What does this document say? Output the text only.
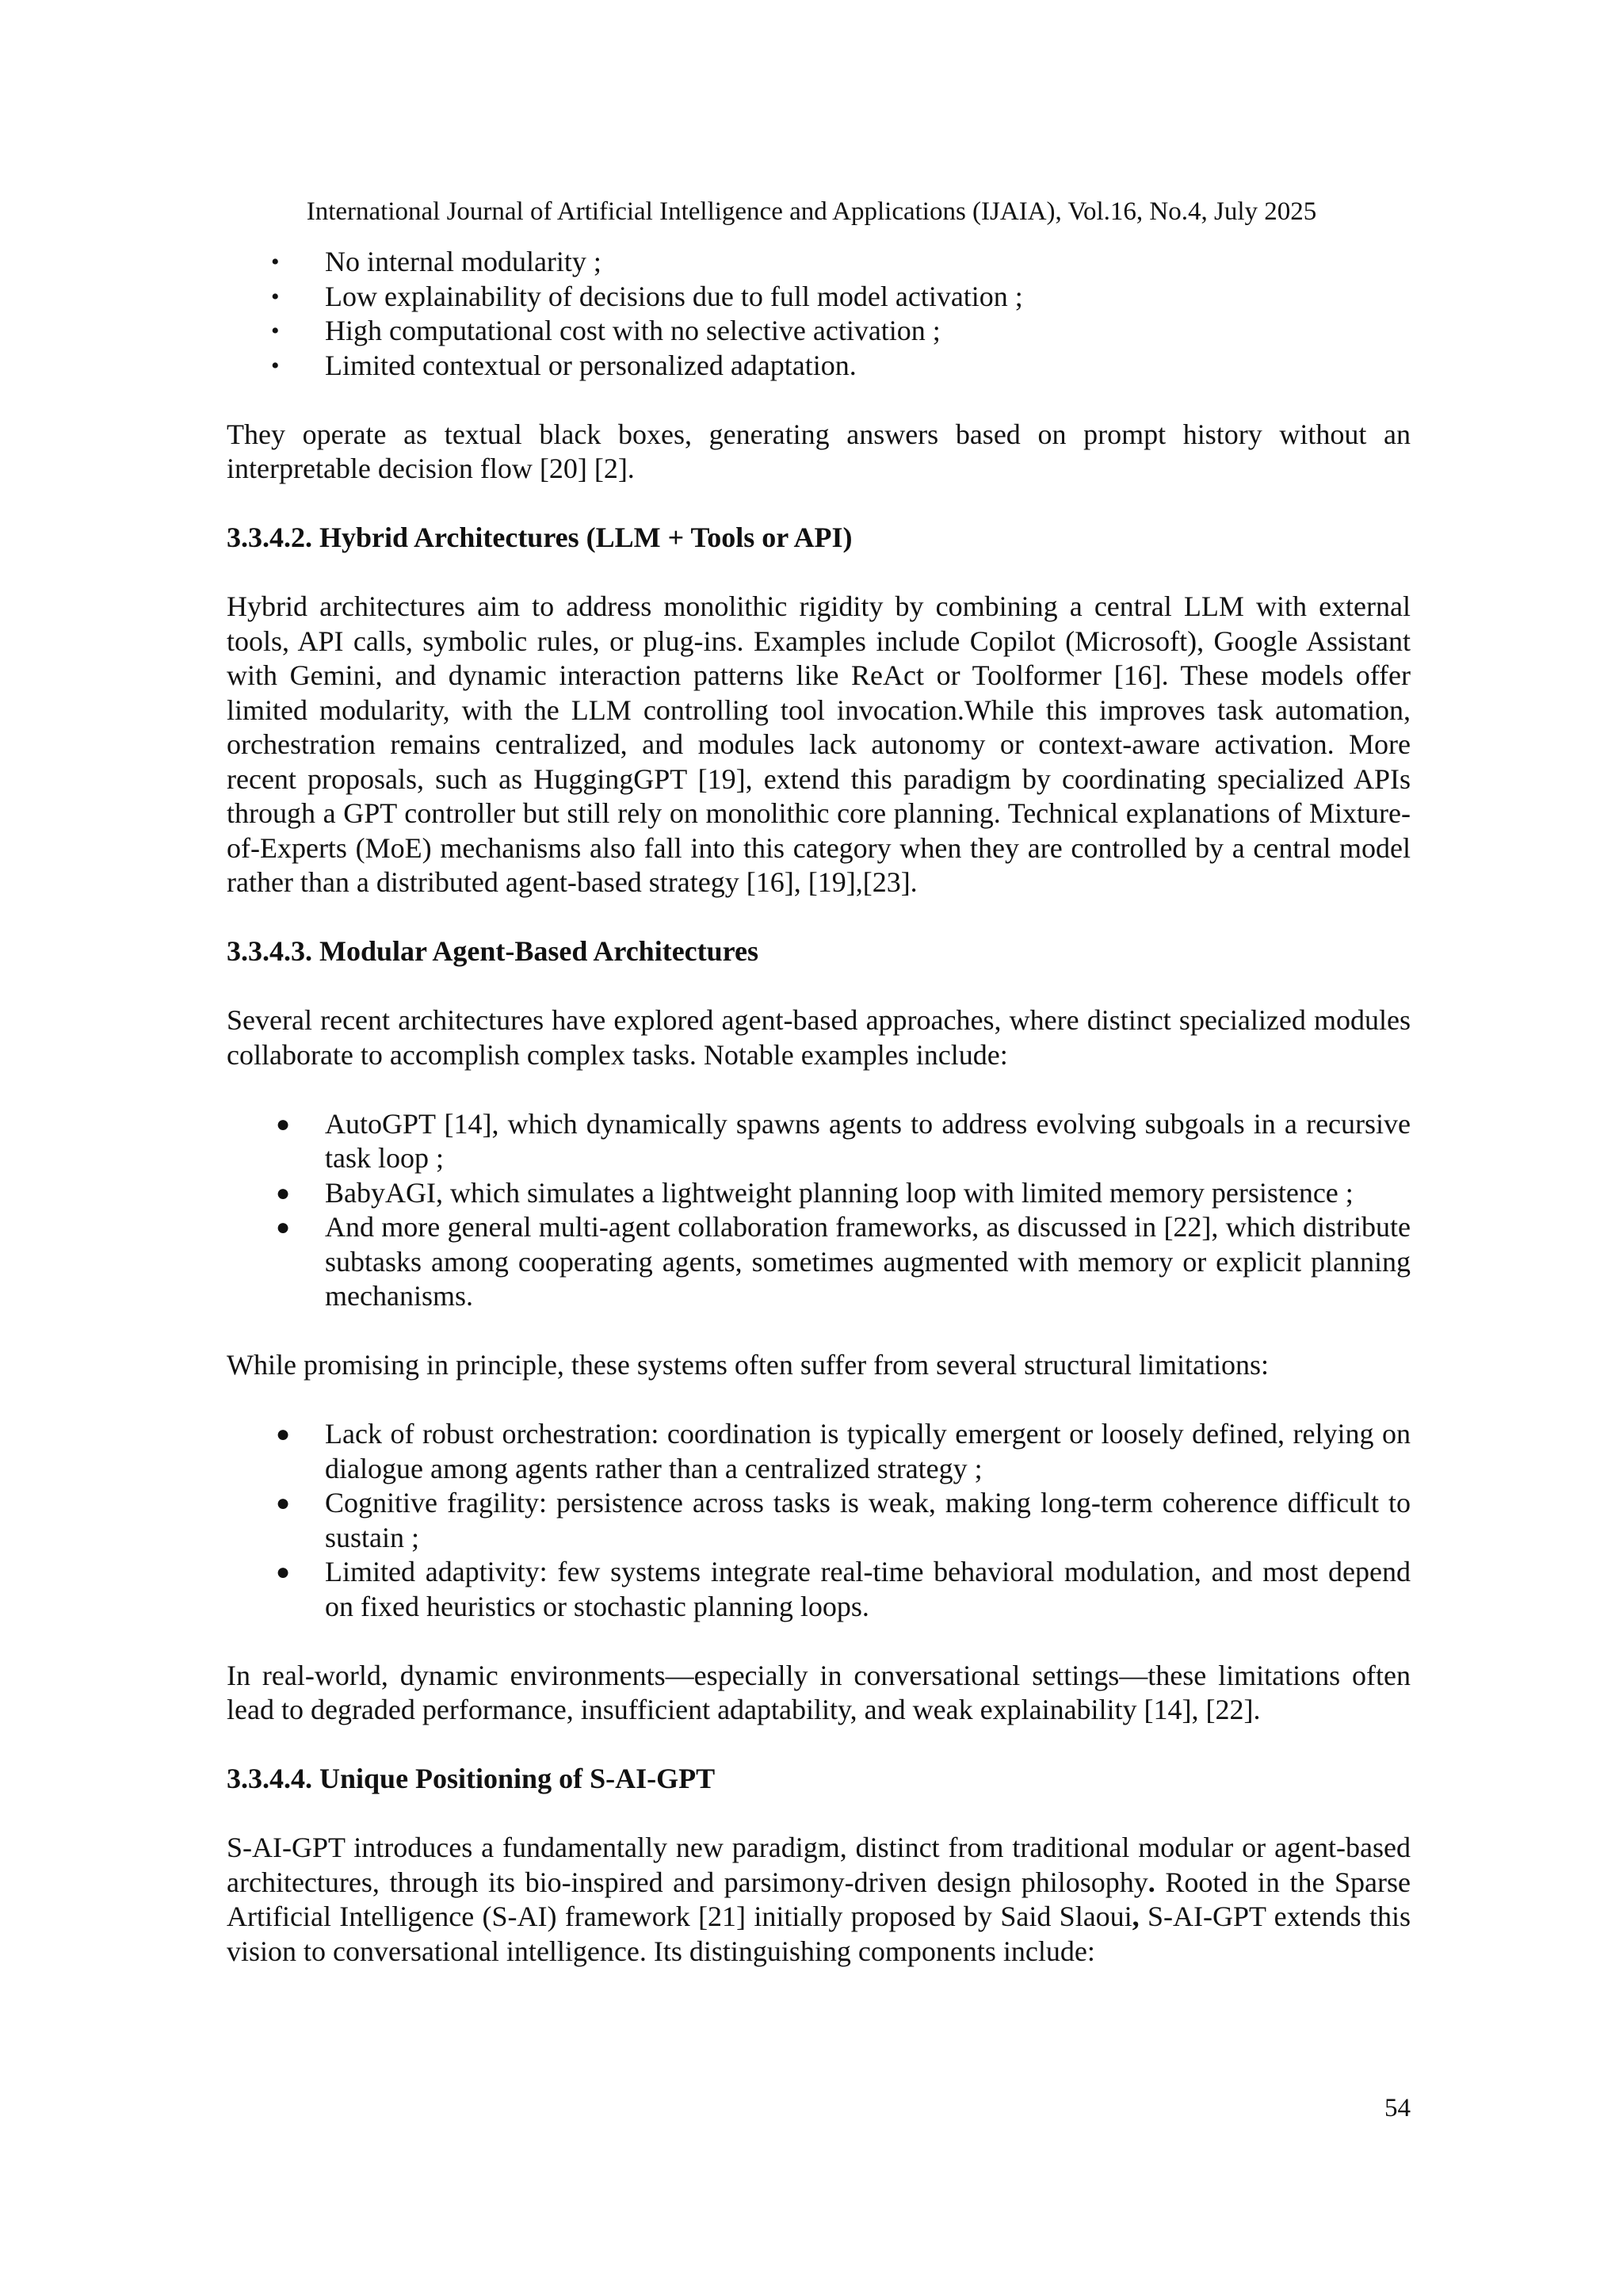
International Journal of Artificial Intelligence and Applications (IJAIA), Vol.16, No.4, July 2025
• No internal modularity ;
• Low explainability of decisions due to full model activation ;
• High computational cost with no selective activation ;
• Limited contextual or personalized adaptation.

They operate as textual black boxes, generating answers based on prompt history without an interpretable decision flow [20] [2].

3.3.4.2. Hybrid Architectures (LLM + Tools or API)

Hybrid architectures aim to address monolithic rigidity by combining a central LLM with external tools, API calls, symbolic rules, or plug-ins. Examples include Copilot (Microsoft), Google Assistant with Gemini, and dynamic interaction patterns like ReAct or Toolformer [16]. These models offer limited modularity, with the LLM controlling tool invocation.While this improves task automation, orchestration remains centralized, and modules lack autonomy or context-aware activation. More recent proposals, such as HuggingGPT [19], extend this paradigm by coordinating specialized APIs through a GPT controller but still rely on monolithic core planning. Technical explanations of Mixture-of-Experts (MoE) mechanisms also fall into this category when they are controlled by a central model rather than a distributed agent-based strategy [16], [19],[23].

3.3.4.3. Modular Agent-Based Architectures

Several recent architectures have explored agent-based approaches, where distinct specialized modules collaborate to accomplish complex tasks. Notable examples include:

● AutoGPT [14], which dynamically spawns agents to address evolving subgoals in a recursive task loop ;
● BabyAGI, which simulates a lightweight planning loop with limited memory persistence ;
● And more general multi-agent collaboration frameworks, as discussed in [22], which distribute subtasks among cooperating agents, sometimes augmented with memory or explicit planning mechanisms.

While promising in principle, these systems often suffer from several structural limitations:

● Lack of robust orchestration: coordination is typically emergent or loosely defined, relying on dialogue among agents rather than a centralized strategy ;
● Cognitive fragility: persistence across tasks is weak, making long-term coherence difficult to sustain ;
● Limited adaptivity: few systems integrate real-time behavioral modulation, and most depend on fixed heuristics or stochastic planning loops.

In real-world, dynamic environments—especially in conversational settings—these limitations often lead to degraded performance, insufficient adaptability, and weak explainability [14], [22].

3.3.4.4. Unique Positioning of S-AI-GPT

S-AI-GPT introduces a fundamentally new paradigm, distinct from traditional modular or agent-based architectures, through its bio-inspired and parsimony-driven design philosophy. Rooted in the Sparse Artificial Intelligence (S-AI) framework [21] initially proposed by Said Slaoui, S-AI-GPT extends this vision to conversational intelligence. Its distinguishing components include:

54
